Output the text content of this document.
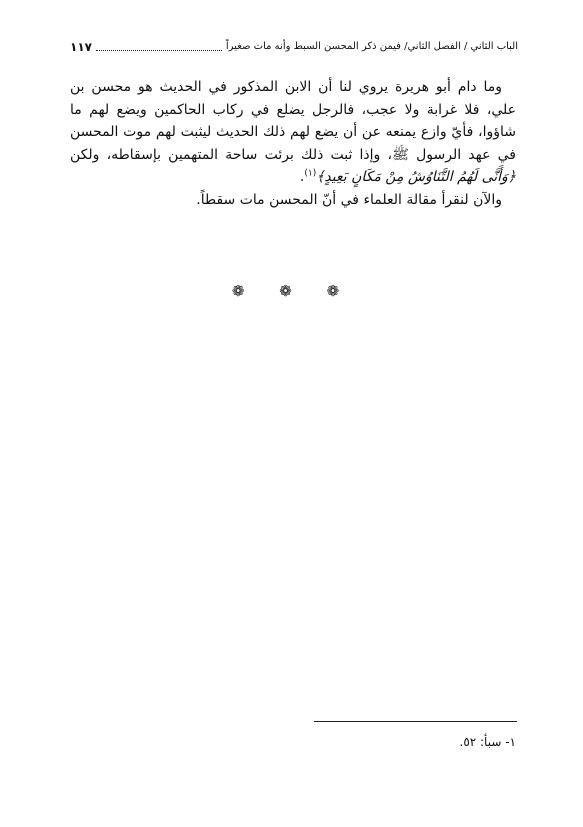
١١٧	الباب الثاني / الفصل الثاني/ فيمن ذكر المحسن السبط وأنه مات صغيراً

وما دام أبو هريرة يروي لنا أن الابن المذكور في الحديث هو محسن بن علي، فلا غرابة ولا عجب، فالرجل يضلع في ركاب الحاكمين ويضع لهم ما شاؤوا، فأيّ وازع يمنعه عن أن يضع لهم ذلك الحديث ليثبت لهم موت المحسن في عهد الرسول ﷺ، وإذا ثبت ذلك برئت ساحة المتهمين بإسقاطه، ولكن ﴿وَأَنَّى لَهُمُ التَّنَاوُشُ مِنْ مَكَانٍ بَعِيدٍ﴾$^{(١)}$.

والآن لنقرأ مقالة العلماء في أنّ المحسن مات سقطاً.

❁ ❁ ❁
١- سبأ: ٥٢.
